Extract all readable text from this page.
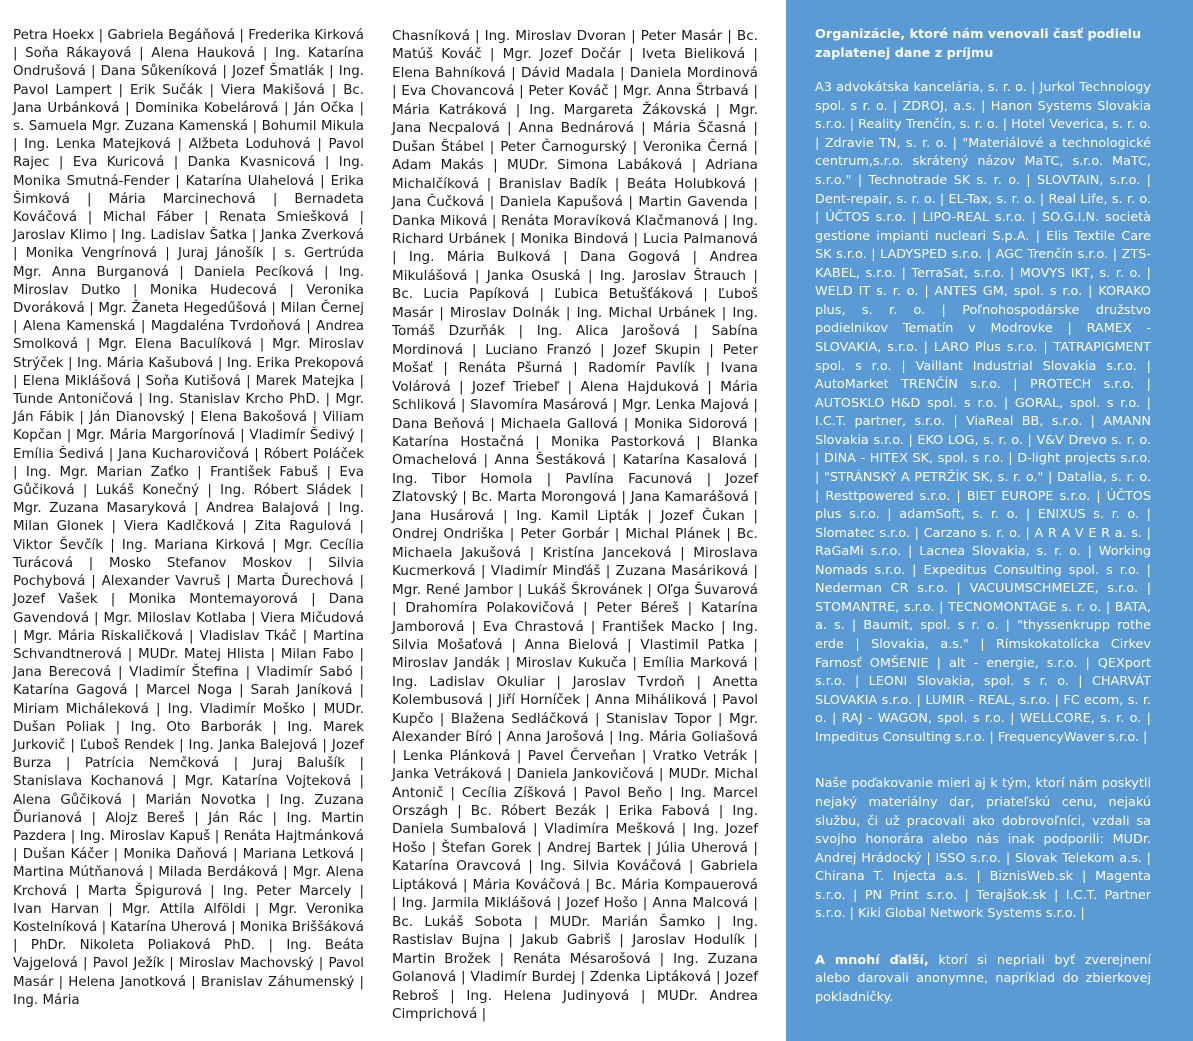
Petra Hoekx | Gabriela Begáňová | Frederika Kirková | Soňa Rákayová | Alena Hauková | Ing. Katarína Ondrušová | Dana Sůkeníková | Jozef Šmatlák | Ing. Pavol Lampert | Erik Sučák | Viera Makišová | Bc. Jana Urbánková | Dominika Kobelárová | Ján Očka | s. Samuela Mgr. Zuzana Kamenská | Bohumil Mikula | Ing. Lenka Matejková | Alžbeta Loduhová | Pavol Rajec | Eva Kuricová | Danka Kvasnicová | Ing. Monika Smutná-Fender | Katarína Ulahelová | Erika Šimková | Mária Marcinechová | Bernadeta Kováčová | Michal Fáber | Renata Smiešková | Jaroslav Klimo | Ing. Ladislav Šatka | Janka Zverková | Monika Vengrínová | Juraj Jánošík | s. Gertrúda Mgr. Anna Burganová | Daniela Pecíková | Ing. Miroslav Dutko | Monika Hudecová | Veronika Dvoráková | Mgr. Žaneta Hegedűšová | Milan Černej | Alena Kamenská | Magdaléna Tvrdoňová | Andrea Smolková | Mgr. Elena Baculíková | Mgr. Miroslav Strýček | Ing. Mária Kašubová | Ing. Erika Prekopová | Elena Miklášová | Soňa Kutišová | Marek Matejka | Tunde Antoničová | Ing. Stanislav Krcho PhD. | Mgr. Ján Fábik | Ján Dianovský | Elena Bakošová | Viliam Kopčan | Mgr. Mária Margorínová | Vladimír Šedivý | Emília Šedivá | Jana Kucharovičová | Róbert Poláček | Ing. Mgr. Marian Zaťko | František Fabuš | Eva Gůčiková | Lukáš Konečný | Ing. Róbert Sládek | Mgr. Zuzana Masaryková | Andrea Balajová | Ing. Milan Glonek | Viera Kadlčková | Zita Ragulová | Viktor Ševčík | Ing. Mariana Kirková | Mgr. Cecília Turácová | Mosko Stefanov Moskov | Silvia Pochybová | Alexander Vavruš | Marta Ďurechová | Jozef Vašek | Monika Montemayorová | Dana Gavendová | Mgr. Miloslav Kotlaba | Viera Mičudová | Mgr. Mária Riskaličková | Vladislav Tkáč | Martina Schvandtnerová | MUDr. Matej Hlista | Milan Fabo | Jana Berecová | Vladimír Štefina | Vladimír Sabó | Katarína Gagová | Marcel Noga | Sarah Janíková | Miriam Micháleková | Ing. Vladimír Moško | MUDr. Dušan Poliak | Ing. Oto Barborák | Ing. Marek Jurkovič | Ľuboš Rendek | Ing. Janka Balejová | Jozef Burza | Patrícia Nemčková | Juraj Balušík | Stanislava Kochanová | Mgr. Katarína Vojteková | Alena Gůčiková | Marián Novotka | Ing. Zuzana Ďurianová | Alojz Bereš | Ján Rác | Ing. Martin Pazdera | Ing. Miroslav Kapuš | Renáta Hajtmánková | Dušan Káčer | Monika Daňová | Mariana Letková | Martina Mútňanová | Milada Berdáková | Mgr. Alena Krchová | Marta Špigurová | Ing. Peter Marcely | Ivan Harvan | Mgr. Attila Alföldi | Mgr. Veronika Kostelníková | Katarína Uherová | Monika Briššáková | PhDr. Nikoleta Poliaková PhD. | Ing. Beáta Vajgelová | Pavol Ježík | Miroslav Machovský | Pavol Masár | Helena Janotková | Branislav Záhumenský | Ing. Mária
Chasníková | Ing. Miroslav Dvoran | Peter Masár | Bc. Matúš Kováč | Mgr. Jozef Dočár | Iveta Bieliková | Elena Bahníková | Dávid Madala | Daniela Mordinová | Eva Chovancová | Peter Kováč | Mgr. Anna Štrbavá | Mária Katráková | Ing. Margareta Žákovská | Mgr. Jana Necpalová | Anna Bednárová | Mária Ščasná | Dušan Štábel | Peter Čarnogurský | Veronika Černá | Adam Makás | MUDr. Simona Labáková | Adriana Michalčíková | Branislav Badík | Beáta Holubková | Jana Čučková | Daniela Kapušová | Martin Gavenda | Danka Miková | Renáta Moravíková Klačmanová | Ing. Richard Urbánek | Monika Bindová | Lucia Palmanová | Ing. Mária Bulková | Dana Gogová | Andrea Mikulášová | Janka Osuská | Ing. Jaroslav Štrauch | Bc. Lucia Papíková | Ľubica Betušťáková | Ľuboš Masár | Miroslav Dolnák | Ing. Michal Urbánek | Ing. Tomáš Dzurňák | Ing. Alica Jarošová | Sabína Mordinová | Luciano Franzó | Jozef Skupin | Peter Mošať | Renáta Pšurná | Radomír Pavlík | Ivana Volárová | Jozef Triebeľ | Alena Hajduková | Mária Schliková | Slavomíra Masárová | Mgr. Lenka Majová | Dana Beňová | Michaela Gallová | Monika Sidorová | Katarína Hostačná | Monika Pastorková | Blanka Omachelová | Anna Šestáková | Katarína Kasalová | Ing. Tibor Homola | Pavlína Facunová | Jozef Zlatovský | Bc. Marta Morongová | Jana Kamarášová | Jana Husárová | Ing. Kamil Lipták | Jozef Čukan | Ondrej Ondriška | Peter Gorbár | Michal Plánek | Bc. Michaela Jakušová | Kristína Janceková | Miroslava Kucmerková | Vladimír Minďáš | Zuzana Masáriková | Mgr. René Jambor | Lukáš Škrovánek | Oľga Šuvarová | Drahomíra Polakovičová | Peter Béreš | Katarína Jamborová | Eva Chrastová | František Macko | Ing. Silvia Mošaťová | Anna Bielová | Vlastimil Patka | Miroslav Jandák | Miroslav Kukuča | Emília Marková | Ing. Ladislav Okuliar | Jaroslav Tvrdoň | Anetta Kolembusová | Jiří Horníček | Anna Miháliková | Pavol Kupčo | Blažena Sedláčková | Stanislav Topor | Mgr. Alexander Bíró | Anna Jarošová | Ing. Mária Goliašová | Lenka Plánková | Pavel Červeňan | Vratko Vetrák | Janka Vetráková | Daniela Jankovičová | MUDr. Michal Antonič | Cecília Zíšková | Pavol Beňo | Ing. Marcel Országh | Bc. Róbert Bezák | Erika Fabová | Ing. Daniela Sumbalová | Vladimíra Mešková | Ing. Jozef Hošo | Štefan Gorek | Andrej Bartek | Júlia Uherová | Katarína Oravcová | Ing. Silvia Kováčová | Gabriela Liptáková | Mária Kováčová | Bc. Mária Kompauerová | Ing. Jarmila Miklášová | Jozef Hošo | Anna Malcová | Bc. Lukáš Sobota | MUDr. Marián Šamko | Ing. Rastislav Bujna | Jakub Gabriš | Jaroslav Hodulík | Martin Brožek | Renáta Mésarošová | Ing. Zuzana Golanová | Vladimír Burdej | Zdenka Liptáková | Jozef Rebroš | Ing. Helena Judinyová | MUDr. Andrea Cimprichová |
Organizácie, ktoré nám venovali časť podielu zaplatenej dane z príjmu

A3 advokátska kancelária, s. r. o. | Jurkol Technology spol. s r. o. | ZDROJ, a.s. | Hanon Systems Slovakia s.r.o. | Reality Trenčín, s. r. o. | Hotel Veverica, s. r. o. | Zdravie TN, s. r. o. | "Materiálové a technologické centrum,s.r.o. skrátený názov MaTC, s.r.o. MaTC, s.r.o." | Technotrade SK s. r. o. | SLOVTAIN, s.r.o. | Dent-repair, s. r. o. | EL-Tax, s. r. o. | Real Life, s. r. o. | ÚČTOS s.r.o. | LIPO-REAL s.r.o. | SO.G.I.N. società gestione impianti nucleari S.p.A. | Elis Textile Care SK s.r.o. | LADYSPED s.r.o. | AGC Trenčín s.r.o. | ZTS-KABEL, s.r.o. | TerraSat, s.r.o. | MOVYS IKT, s. r. o. | WELD IT s. r. o. | ANTES GM, spol. s r.o. | KORAKO plus, s. r. o. | Poľnohospodárske družstvo podielnikov Tematín v Modrovke | RAMEX - SLOVAKIA, s.r.o. | LARO Plus s.r.o. | TATRAPIGMENT spol. s r.o. | Vaillant Industrial Slovakia s.r.o. | AutoMarket TRENČÍN s.r.o. | PROTECH s.r.o. | AUTOSKLO H&D spol. s r.o. | GORAL, spol. s r.o. | I.C.T. partner, s.r.o. | ViaReal BB, s.r.o. | AMANN Slovakia s.r.o. | EKO LOG, s. r. o. | V&V Drevo s. r. o. | DINA - HITEX SK, spol. s r.o. | D-light projects s.r.o. | "STRÁNSKÝ A PETRŽÍK SK, s. r. o." | Datalia, s. r. o. | Resttpowered s.r.o. | BIET EUROPE s.r.o. | ÚČTOS plus s.r.o. | adamSoft, s. r. o. | ENIXUS s. r. o. | Slomatec s.r.o. | Carzano s. r. o. | A R A V E R a. s. | RaGaMi s.r.o. | Lacnea Slovakia, s. r. o. | Working Nomads s.r.o. | Expeditus Consulting spol. s r.o. | Nederman CR s.r.o. | VACUUMSCHMELZE, s.r.o. | STOMANTRE, s.r.o. | TECNOMONTAGE s. r. o. | BATA, a. s. | Baumit, spol. s r. o. | "thyssenkrupp rothe erde | Slovakia, a.s." | Rímskokatolícka Cirkev Farnosť OMŠENIE | alt - energie, s.r.o. | QEXport s.r.o. | LEONI Slovakia, spol. s r. o. | CHARVÁT SLOVAKIA s.r.o. | LUMIR - REAL, s.r.o. | FC ecom, s. r. o. | RAJ - WAGON, spol. s r.o. | WELLCORE, s. r. o. | Impeditus Consulting s.r.o. | FrequencyWaver s.r.o. |

Naše poďakovanie mieri aj k tým, ktorí nám poskytli nejaký materiálny dar, priateľskú cenu, nejakú službu, či už pracovali ako dobrovoľníci, vzdali sa svojho honorára alebo nás inak podporili: MUDr. Andrej Hrádocký | ISSO s.r.o. | Slovak Telekom a.s. | Chirana T. Injecta a.s. | BiznisWeb.sk | Magenta s.r.o. | PN Print s.r.o. | Terajšok.sk | I.C.T. Partner s.r.o. | Kiki Global Network Systems s.r.o. |

A mnohí ďalší, ktorí si nepriali byť zverejnení alebo darovali anonymne, napríklad do zbierkovej pokladničky.
